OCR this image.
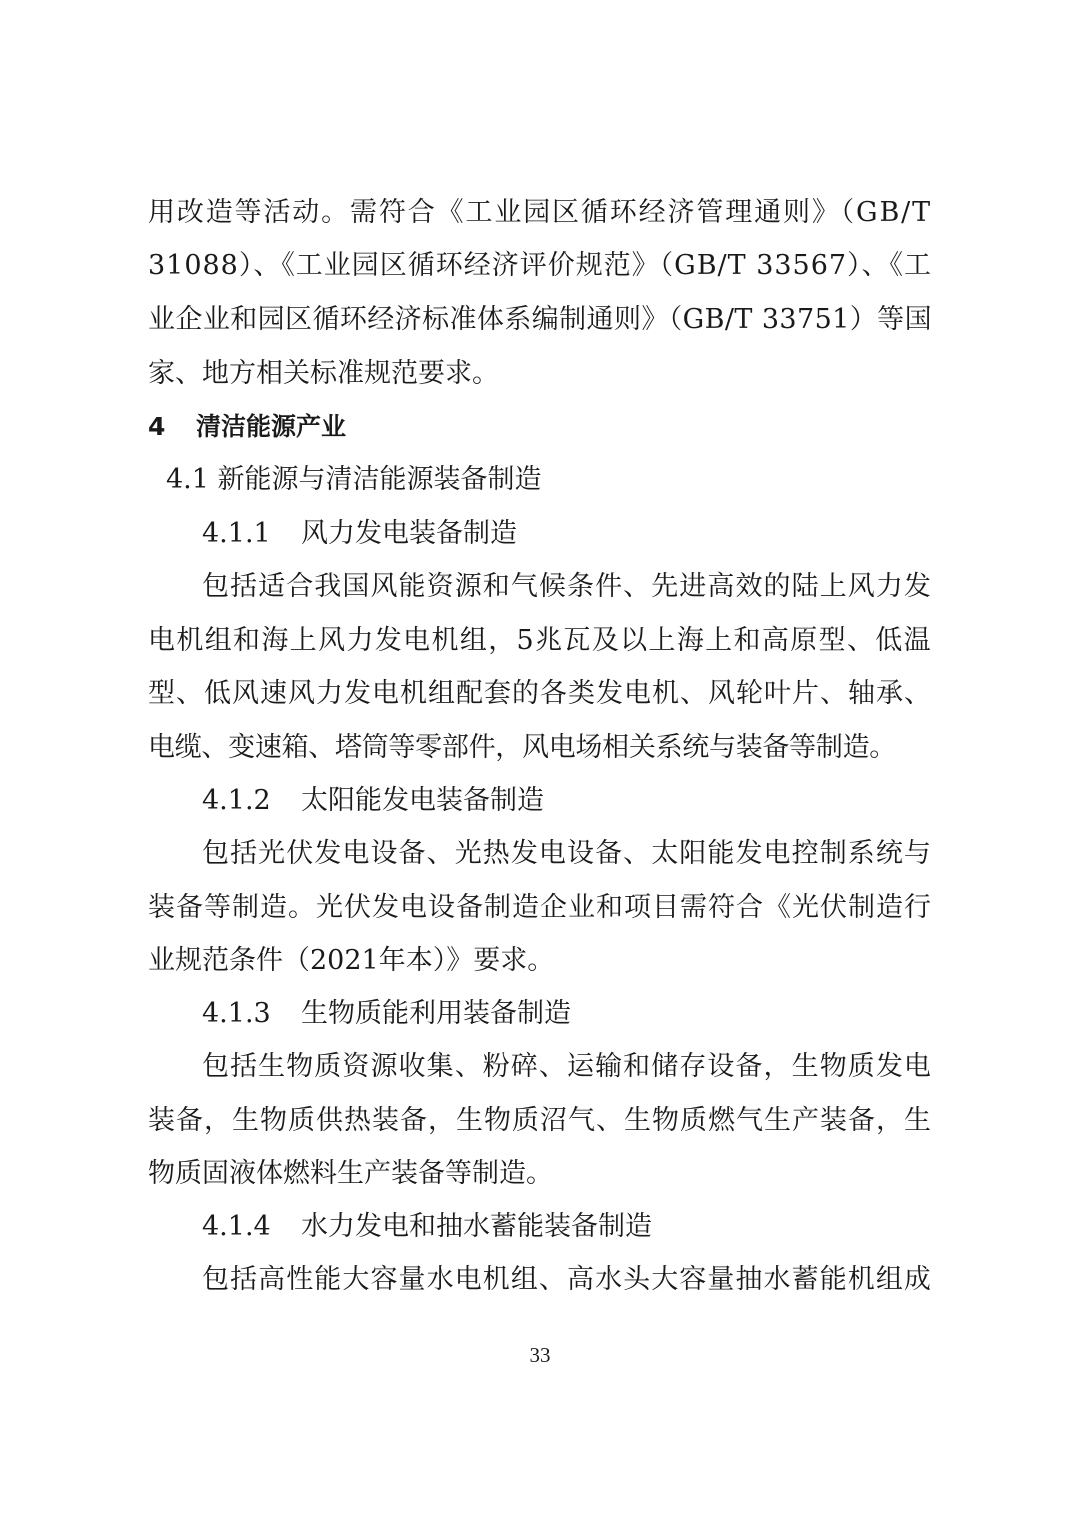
用改造等活动。需符合《工业园区循环经济管理通则》（GB/T
31088）、《工业园区循环经济评价规范》（GB/T 33567）、《工
业企业和园区循环经济标准体系编制通则》（GB/T 33751）等国
家、地方相关标准规范要求。
4 清洁能源产业
4.1 新能源与清洁能源装备制造
4.1.1 风力发电装备制造
包括适合我国风能资源和气候条件、先进高效的陆上风力发
电机组和海上风力发电机组，5兆瓦及以上海上和高原型、低温
型、低风速风力发电机组配套的各类发电机、风轮叶片、轴承、
电缆、变速箱、塔筒等零部件，风电场相关系统与装备等制造。
4.1.2 太阳能发电装备制造
包括光伏发电设备、光热发电设备、太阳能发电控制系统与
装备等制造。光伏发电设备制造企业和项目需符合《光伏制造行
业规范条件（2021年本）》要求。
4.1.3 生物质能利用装备制造
包括生物质资源收集、粉碎、运输和储存设备，生物质发电
装备，生物质供热装备，生物质沼气、生物质燃气生产装备，生
物质固液体燃料生产装备等制造。
4.1.4 水力发电和抽水蓄能装备制造
包括高性能大容量水电机组、高水头大容量抽水蓄能机组成
33
